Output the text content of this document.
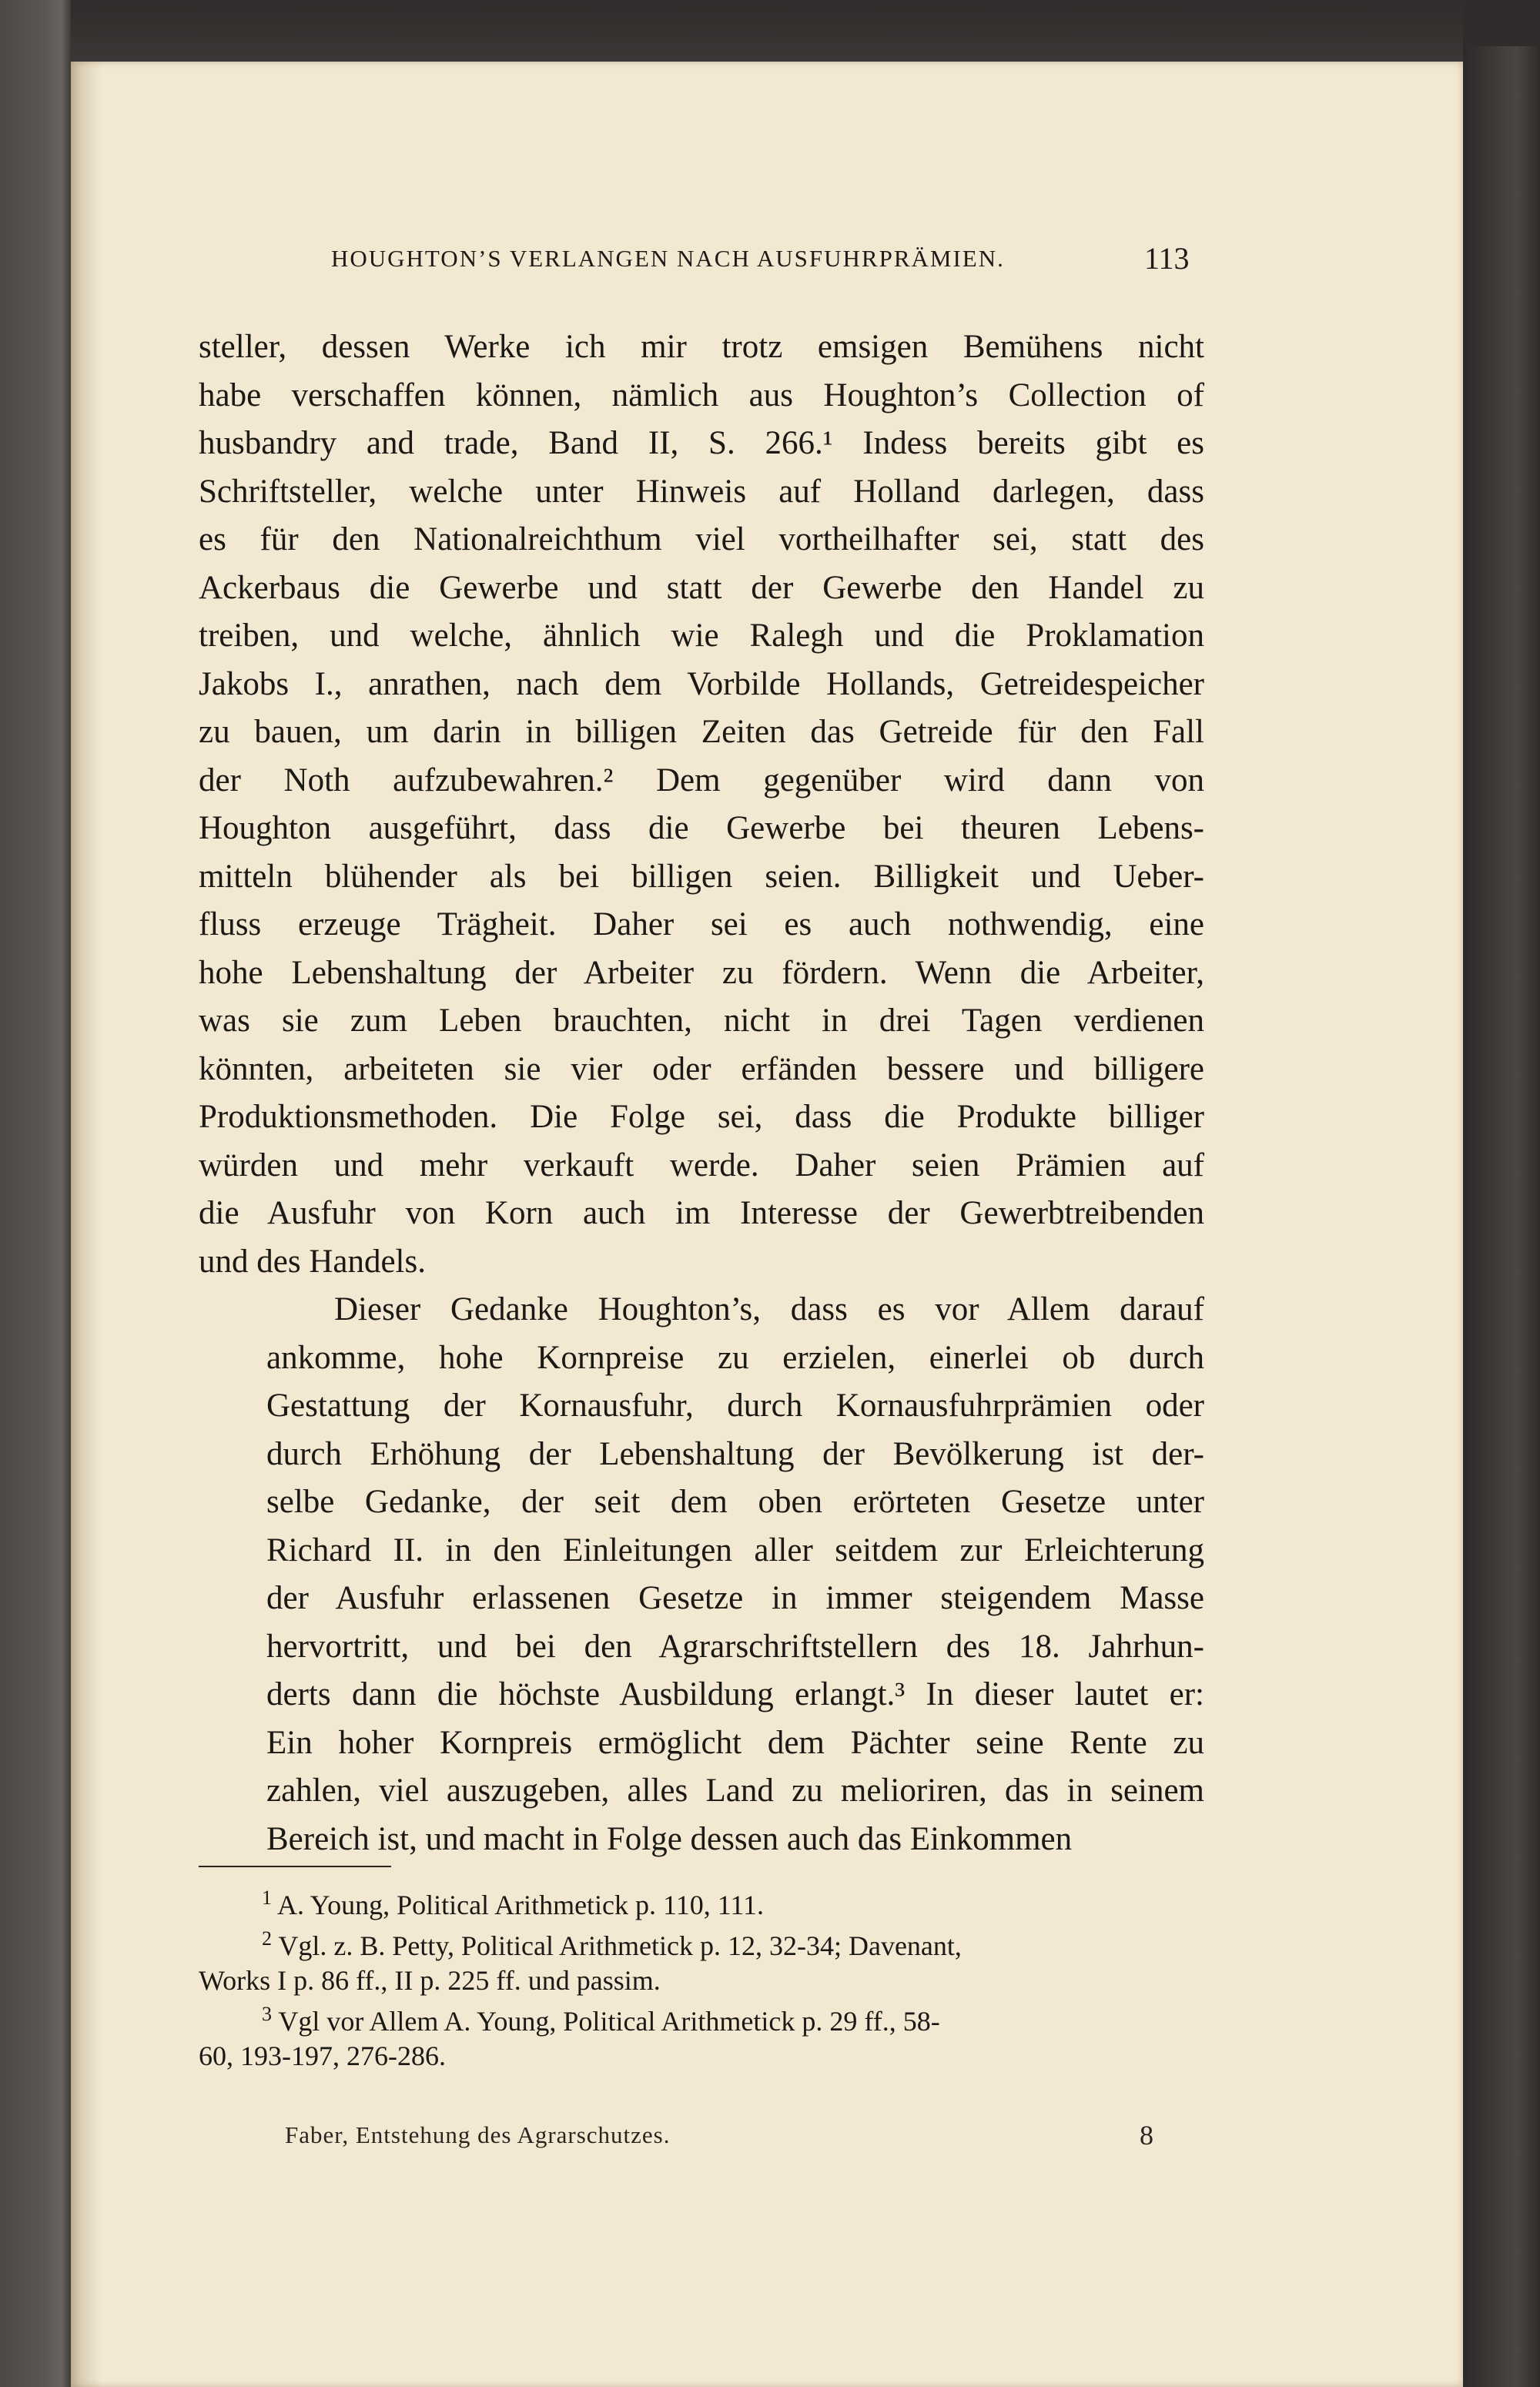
HOUGHTON’S VERLANGEN NACH AUSFUHRPRÄMIEN.	113

steller, dessen Werke ich mir trotz emsigen Bemühens nicht
habe verschaffen können, nämlich aus Houghton’s Collection of
husbandry and trade, Band II, S. 266.¹ Indess bereits gibt es
Schriftsteller, welche unter Hinweis auf Holland darlegen, dass
es für den Nationalreichthum viel vortheilhafter sei, statt des
Ackerbaus die Gewerbe und statt der Gewerbe den Handel zu
treiben, und welche, ähnlich wie Ralegh und die Proklamation
Jakobs I., anrathen, nach dem Vorbilde Hollands, Getreidespeicher
zu bauen, um darin in billigen Zeiten das Getreide für den Fall
der Noth aufzubewahren.² Dem gegenüber wird dann von
Houghton ausgeführt, dass die Gewerbe bei theuren Lebens-
mitteln blühender als bei billigen seien. Billigkeit und Ueber-
fluss erzeuge Trägheit. Daher sei es auch nothwendig, eine
hohe Lebenshaltung der Arbeiter zu fördern. Wenn die Arbeiter,
was sie zum Leben brauchten, nicht in drei Tagen verdienen
könnten, arbeiteten sie vier oder erfänden bessere und billigere
Produktionsmethoden. Die Folge sei, dass die Produkte billiger
würden und mehr verkauft werde. Daher seien Prämien auf
die Ausfuhr von Korn auch im Interesse der Gewerbtreibenden
und des Handels.

Dieser Gedanke Houghton’s, dass es vor Allem darauf
ankomme, hohe Kornpreise zu erzielen, einerlei ob durch
Gestattung der Kornausfuhr, durch Kornausfuhrprämien oder
durch Erhöhung der Lebenshaltung der Bevölkerung ist der-
selbe Gedanke, der seit dem oben erörteten Gesetze unter
Richard II. in den Einleitungen aller seitdem zur Erleichterung
der Ausfuhr erlassenen Gesetze in immer steigendem Masse
hervortritt, und bei den Agrarschriftstellern des 18. Jahrhun-
derts dann die höchste Ausbildung erlangt.³ In dieser lautet er:
Ein hoher Kornpreis ermöglicht dem Pächter seine Rente zu
zahlen, viel auszugeben, alles Land zu melioriren, das in seinem
Bereich ist, und macht in Folge dessen auch das Einkommen

$^1$ A. Young, Political Arithmetick p. 110, 111.
$^2$ Vgl. z. B. Petty, Political Arithmetick p. 12, 32-34; Davenant,
Works I p. 86 ff., II p. 225 ff. und passim.
$^3$ Vgl vor Allem A. Young, Political Arithmetick p. 29 ff., 58-
60, 193-197, 276-286.
Faber, Entstehung des Agrarschutzes.	8
